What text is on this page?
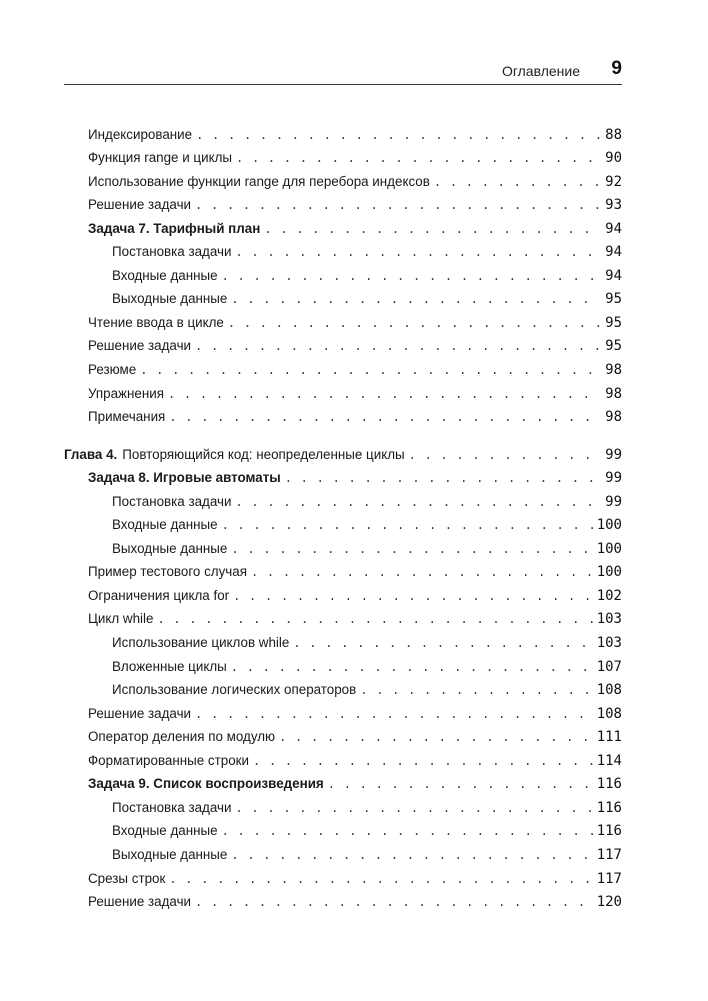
Оглавление 9
Индексирование . . .	88
Функция range и циклы . . .	90
Использование функции range для перебора индексов . . .	92
Решение задачи . . .	93
Задача 7. Тарифный план . . .	94
Постановка задачи . . .	94
Входные данные . . .	94
Выходные данные . . .	95
Чтение ввода в цикле . . .	95
Решение задачи . . .	95
Резюме . . .	98
Упражнения . . .	98
Примечания . . .	98
Глава 4. Повторяющийся код: неопределенные циклы . . .	99
Задача 8. Игровые автоматы . . .	99
Постановка задачи . . .	99
Входные данные . . .	100
Выходные данные . . .	100
Пример тестового случая . . .	100
Ограничения цикла for . . .	102
Цикл while . . .	103
Использование циклов while . . .	103
Вложенные циклы . . .	107
Использование логических операторов . . .	108
Решение задачи . . .	108
Оператор деления по модулю . . .	111
Форматированные строки . . .	114
Задача 9. Список воспроизведения . . .	116
Постановка задачи . . .	116
Входные данные . . .	116
Выходные данные . . .	117
Срезы строк . . .	117
Решение задачи . . .	120
